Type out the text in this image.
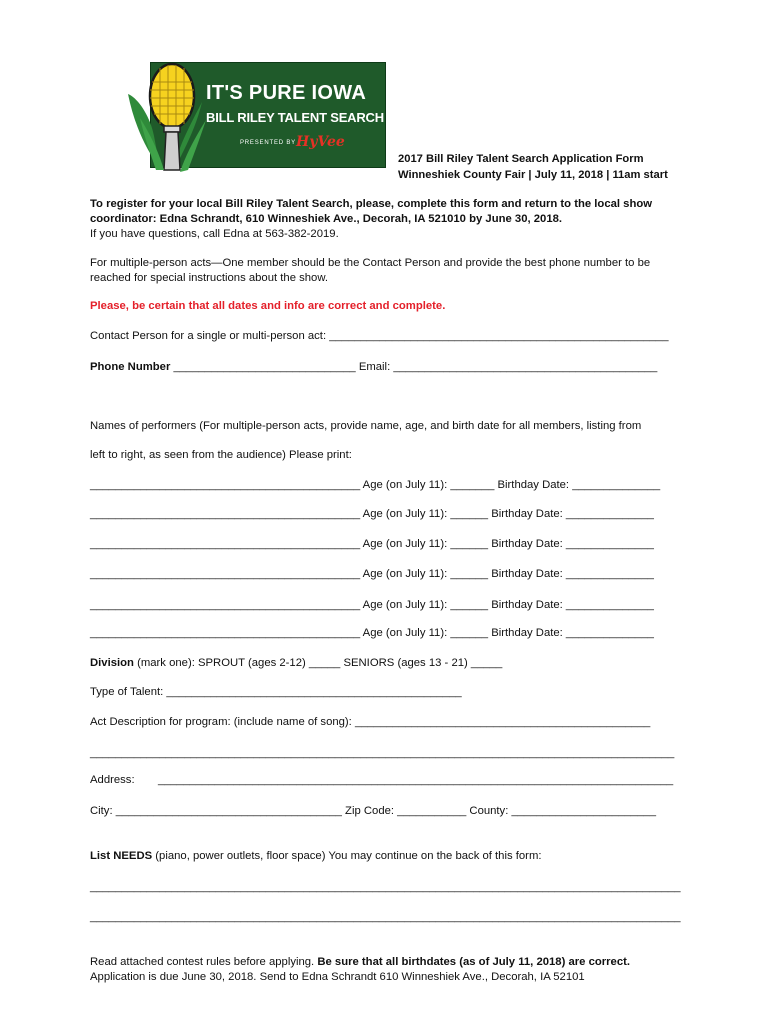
IT'S PURE IOWA
BILL RILEY TALENT SEARCH
PRESENTED BY HyVee
2017 Bill Riley Talent Search Application Form
Winneshiek County Fair | July 11, 2018 | 11am start
To register for your local Bill Riley Talent Search, please, complete this form and return to the local show
coordinator: Edna Schrandt, 610 Winneshiek Ave., Decorah, IA 521010 by June 30, 2018.
If you have questions, call Edna at 563-382-2019.
For multiple-person acts—One member should be the Contact Person and provide the best phone number to be
reached for special instructions about the show.
Please, be certain that all dates and info are correct and complete.
Contact Person for a single or multi-person act: ______________________________________________________
Phone Number _____________________________ Email: __________________________________________
Names of performers (For multiple-person acts, provide name, age, and birth date for all members, listing from
left to right, as seen from the audience) Please print:
___________________________________________ Age (on July 11): _______ Birthday Date: ______________
___________________________________________ Age (on July 11): ______ Birthday Date: ______________
___________________________________________ Age (on July 11): ______ Birthday Date: ______________
___________________________________________ Age (on July 11): ______ Birthday Date: ______________
___________________________________________ Age (on July 11): ______ Birthday Date: ______________
___________________________________________ Age (on July 11): ______ Birthday Date: ______________
Division (mark one): SPROUT (ages 2-12) _____ SENIORS (ages 13 - 21) _____
Type of Talent: _______________________________________________
Act Description for program: (include name of song): _______________________________________________
_____________________________________________________________________________________________
Address: __________________________________________________________________________________
City: ____________________________________ Zip Code: ___________ County: _______________________
List NEEDS (piano, power outlets, floor space) You may continue on the back of this form:
______________________________________________________________________________________________
______________________________________________________________________________________________
Read attached contest rules before applying. Be sure that all birthdates (as of July 11, 2018) are correct.
Application is due June 30, 2018. Send to Edna Schrandt 610 Winneshiek Ave., Decorah, IA 52101
